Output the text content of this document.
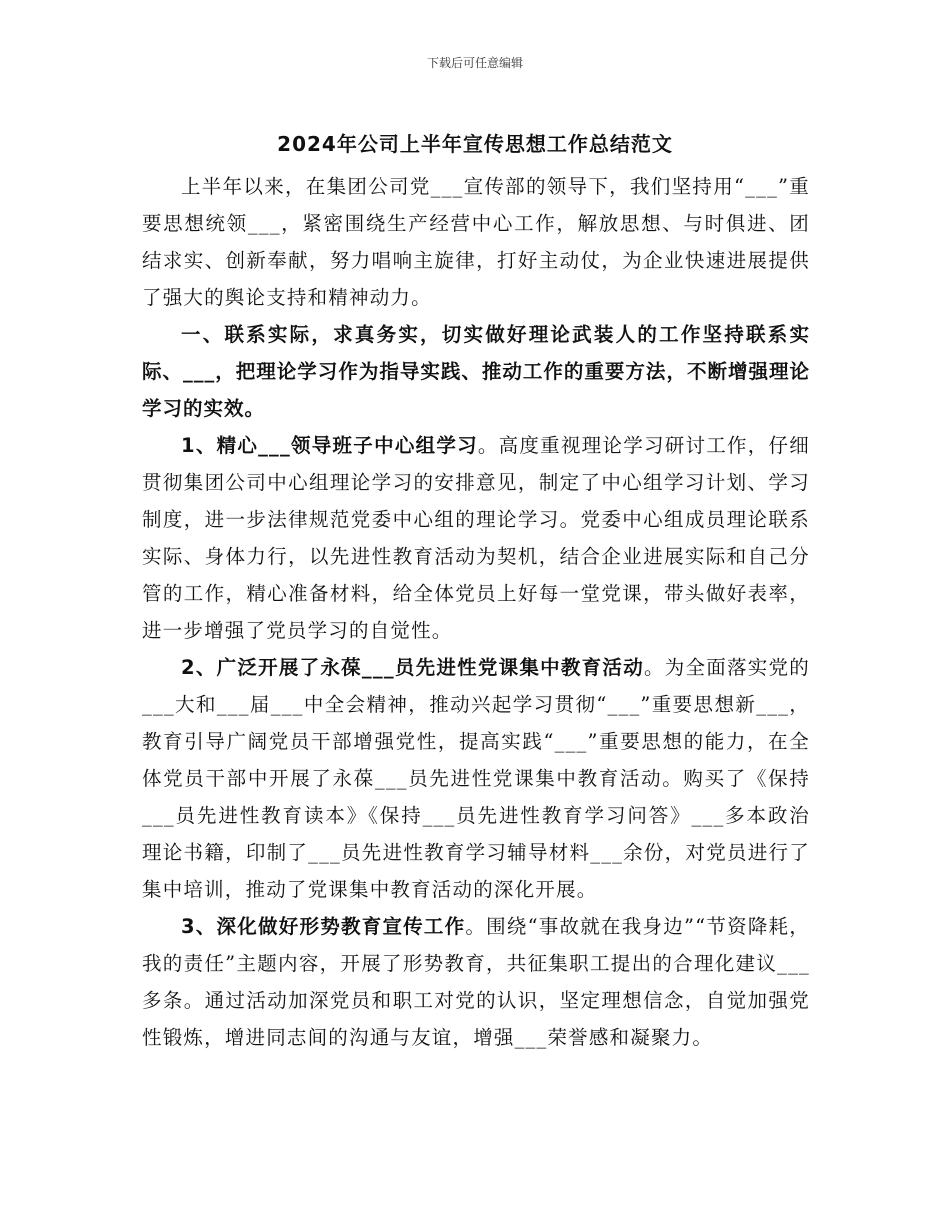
下载后可任意编辑
2024年公司上半年宣传思想工作总结范文

上半年以来，在集团公司党___宣传部的领导下，我们坚持用“___”重要思想统领___，紧密围绕生产经营中心工作，解放思想、与时俱进、团结求实、创新奉献，努力唱响主旋律，打好主动仗，为企业快速进展提供了强大的舆论支持和精神动力。

一、联系实际，求真务实，切实做好理论武装人的工作坚持联系实际、___，把理论学习作为指导实践、推动工作的重要方法，不断增强理论学习的实效。

1、精心___领导班子中心组学习。高度重视理论学习研讨工作，仔细贯彻集团公司中心组理论学习的安排意见，制定了中心组学习计划、学习制度，进一步法律规范党委中心组的理论学习。党委中心组成员理论联系实际、身体力行，以先进性教育活动为契机，结合企业进展实际和自己分管的工作，精心准备材料，给全体党员上好每一堂党课，带头做好表率，进一步增强了党员学习的自觉性。

2、广泛开展了永葆___员先进性党课集中教育活动。为全面落实党的___大和___届___中全会精神，推动兴起学习贯彻“___”重要思想新___，教育引导广阔党员干部增强党性，提高实践“___”重要思想的能力，在全体党员干部中开展了永葆___员先进性党课集中教育活动。购买了《保持___员先进性教育读本》《保持___员先进性教育学习问答》___多本政治理论书籍，印制了___员先进性教育学习辅导材料___余份，对党员进行了集中培训，推动了党课集中教育活动的深化开展。

3、深化做好形势教育宣传工作。围绕“事故就在我身边”“节资降耗，我的责任”主题内容，开展了形势教育，共征集职工提出的合理化建议___多条。通过活动加深党员和职工对党的认识，坚定理想信念，自觉加强党性锻炼，增进同志间的沟通与友谊，增强___荣誉感和凝聚力。
